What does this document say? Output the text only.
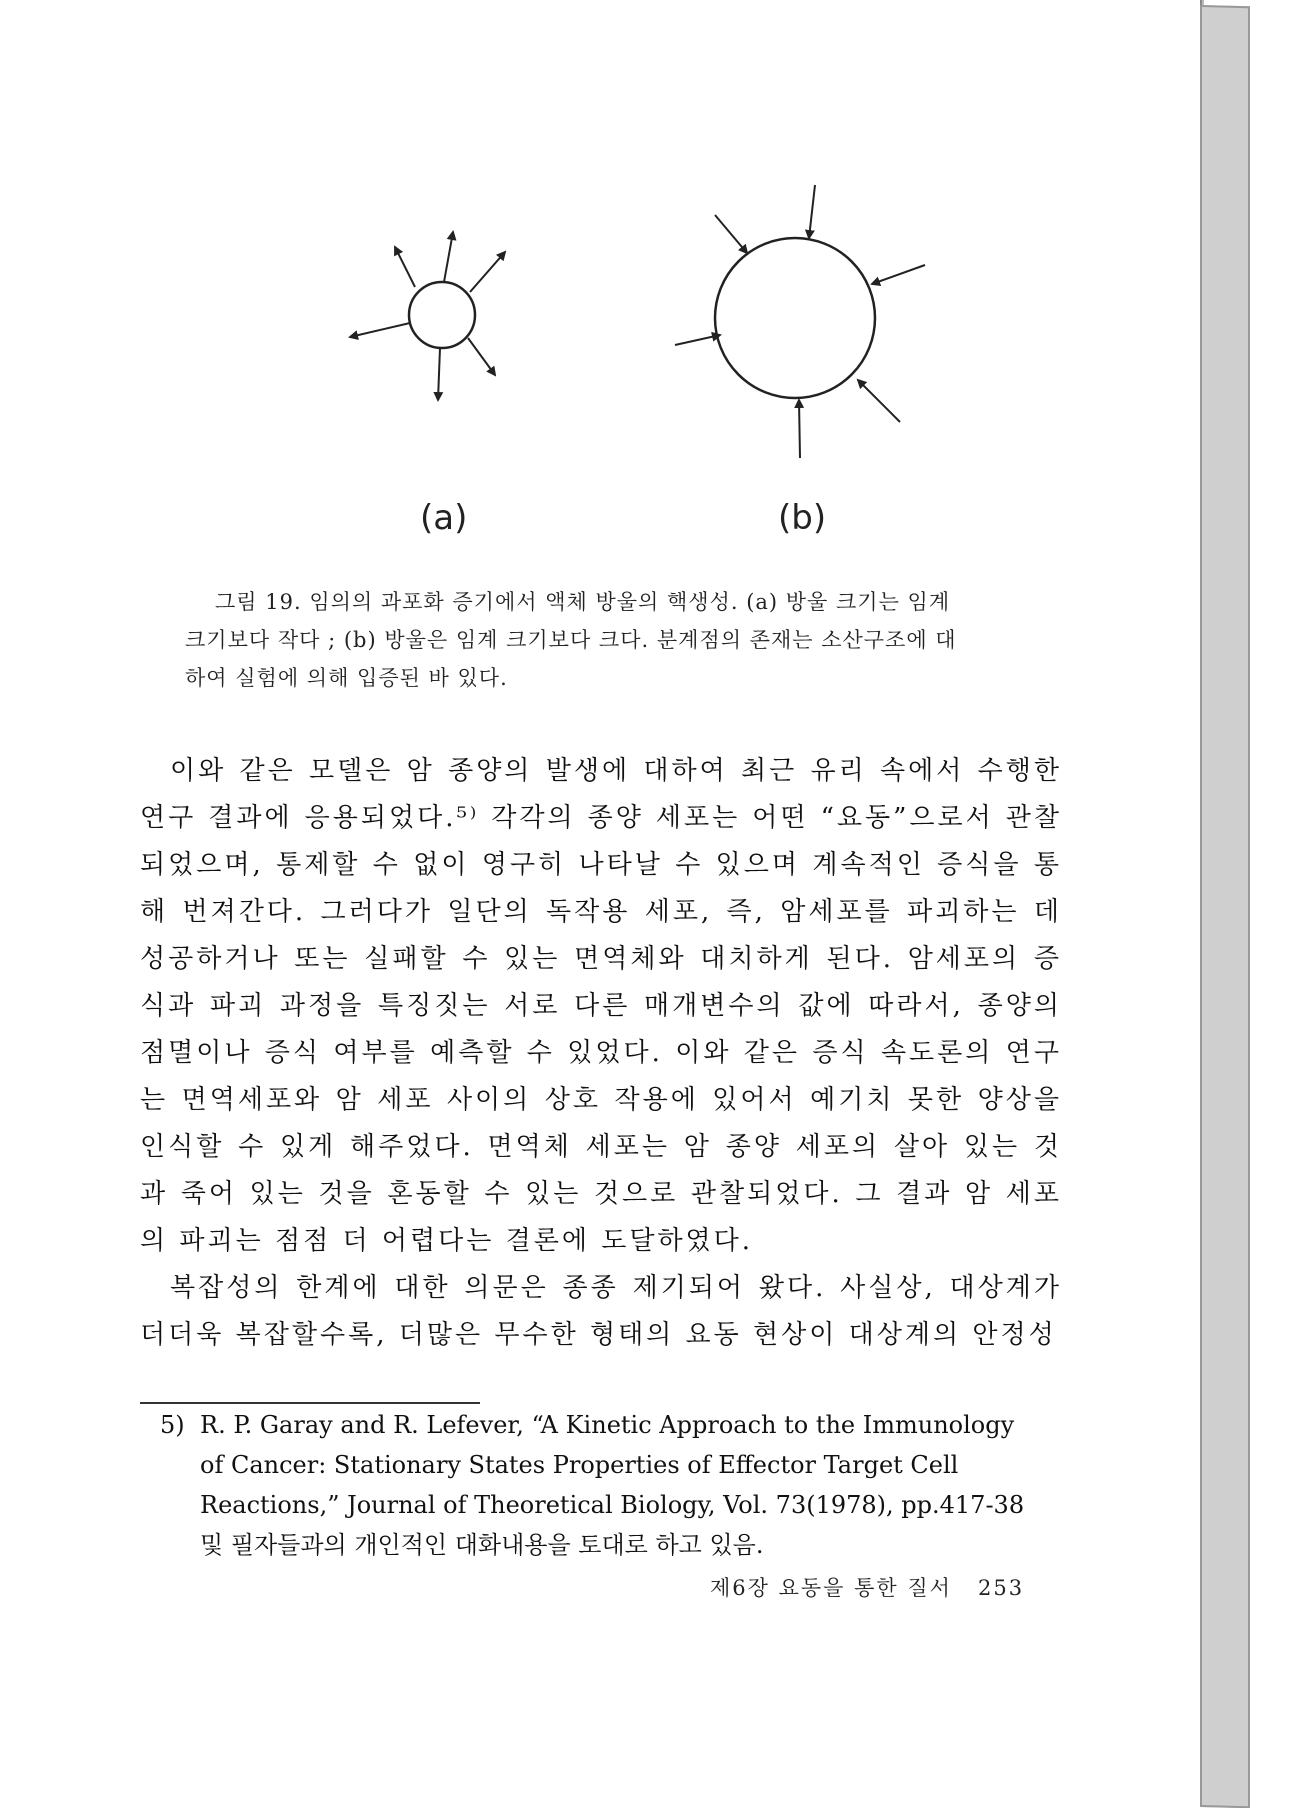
(a)	(b)
그림 19. 임의의 과포화 증기에서 액체 방울의 핵생성. (a) 방울 크기는 임계
크기보다 작다 ; (b) 방울은 임계 크기보다 크다. 분계점의 존재는 소산구조에 대
하여 실험에 의해 입증된 바 있다.

이와 같은 모델은 암 종양의 발생에 대하여 최근 유리 속에서 수행한 연구 결과에 응용되었다.⁵⁾ 각각의 종양 세포는 어떤 “요동”으로서 관찰되었으며, 통제할 수 없이 영구히 나타날 수 있으며 계속적인 증식을 통해 번져간다. 그러다가 일단의 독작용 세포, 즉, 암세포를 파괴하는 데 성공하거나 또는 실패할 수 있는 면역체와 대치하게 된다. 암세포의 증식과 파괴 과정을 특징짓는 서로 다른 매개변수의 값에 따라서, 종양의 점멸이나 증식 여부를 예측할 수 있었다. 이와 같은 증식 속도론의 연구는 면역세포와 암 세포 사이의 상호 작용에 있어서 예기치 못한 양상을 인식할 수 있게 해주었다. 면역체 세포는 암 종양 세포의 살아 있는 것과 죽어 있는 것을 혼동할 수 있는 것으로 관찰되었다. 그 결과 암 세포의 파괴는 점점 더 어렵다는 결론에 도달하였다.

복잡성의 한계에 대한 의문은 종종 제기되어 왔다. 사실상, 대상계가 더더욱 복잡할수록, 더많은 무수한 형태의 요동 현상이 대상계의 안정성

5) R. P. Garay and R. Lefever, “A Kinetic Approach to the Immunology
of Cancer: Stationary States Properties of Effector Target Cell
Reactions,” Journal of Theoretical Biology, Vol. 73(1978), pp.417-38
및 필자들과의 개인적인 대화내용을 토대로 하고 있음.
제6장 요동을 통한 질서 253
